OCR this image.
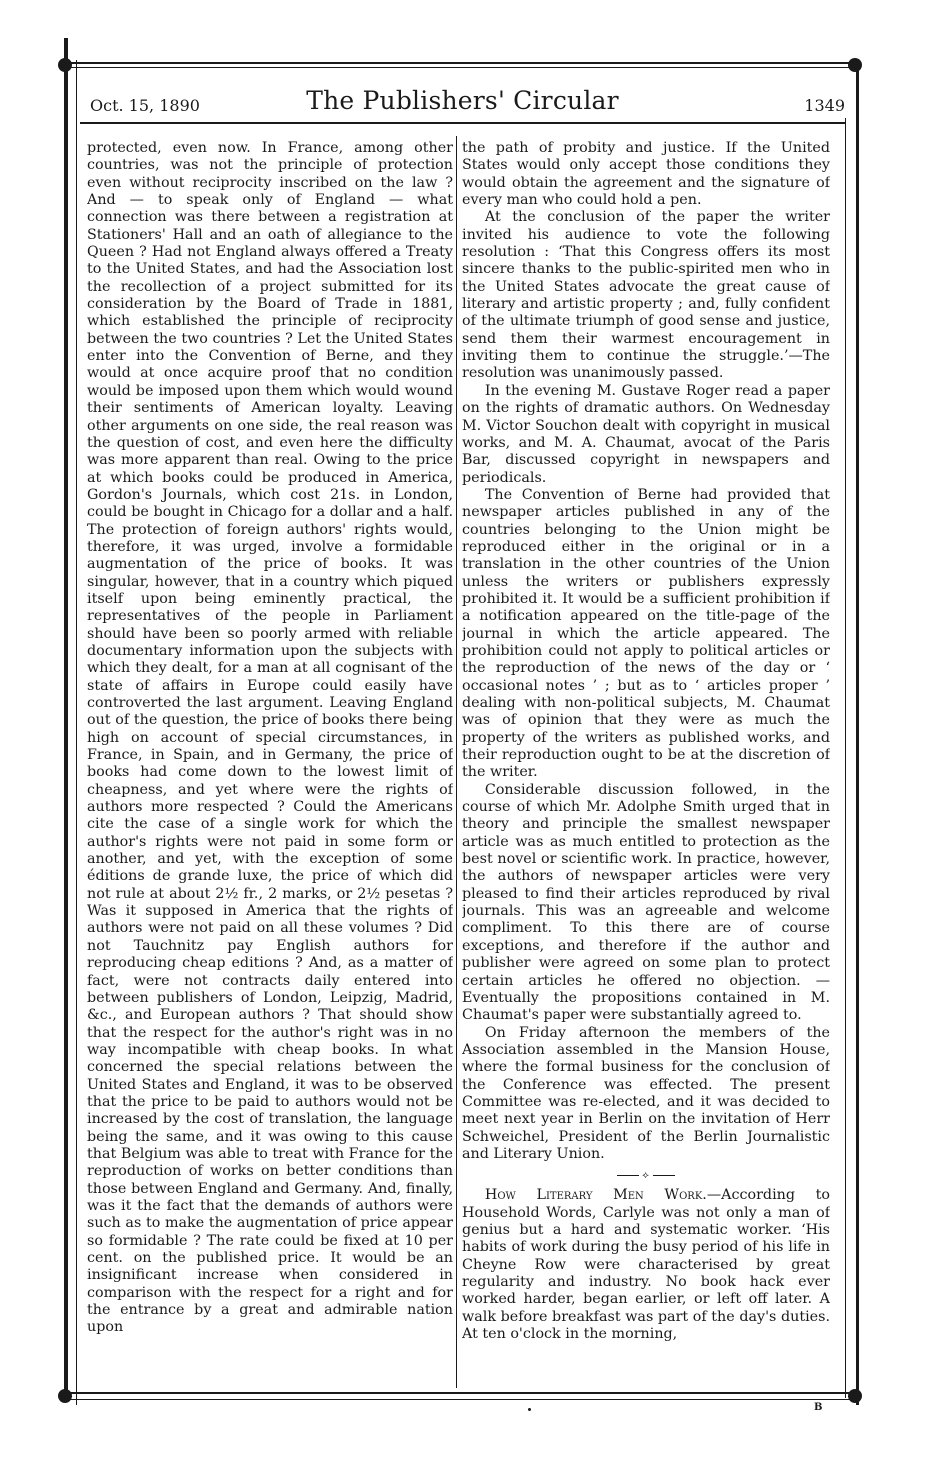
Oct. 15, 1890	The Publishers' Circular	1349

protected, even now. In France, among other countries, was not the principle of protection even without reciprocity inscribed on the law ? And — to speak only of England — what connection was there between a registration at Stationers' Hall and an oath of allegiance to the Queen ? Had not England always offered a Treaty to the United States, and had the Association lost the recollection of a project submitted for its consideration by the Board of Trade in 1881, which established the principle of reciprocity between the two countries ? Let the United States enter into the Convention of Berne, and they would at once acquire proof that no condition would be imposed upon them which would wound their sentiments of American loyalty. Leaving other arguments on one side, the real reason was the question of cost, and even here the difficulty was more apparent than real. Owing to the price at which books could be produced in America, Gordon's Journals, which cost 21s. in London, could be bought in Chicago for a dollar and a half. The protection of foreign authors' rights would, therefore, it was urged, involve a formidable augmentation of the price of books. It was singular, however, that in a country which piqued itself upon being eminently practical, the representatives of the people in Parliament should have been so poorly armed with reliable documentary information upon the subjects with which they dealt, for a man at all cognisant of the state of affairs in Europe could easily have controverted the last argument. Leaving England out of the question, the price of books there being high on account of special circumstances, in France, in Spain, and in Germany, the price of books had come down to the lowest limit of cheapness, and yet where were the rights of authors more respected ? Could the Americans cite the case of a single work for which the author's rights were not paid in some form or another, and yet, with the exception of some éditions de grande luxe, the price of which did not rule at about 2½ fr., 2 marks, or 2½ pesetas ? Was it supposed in America that the rights of authors were not paid on all these volumes ? Did not Tauchnitz pay English authors for reproducing cheap editions ? And, as a matter of fact, were not contracts daily entered into between publishers of London, Leipzig, Madrid, &c., and European authors ? That should show that the respect for the author's right was in no way incompatible with cheap books. In what concerned the special relations between the United States and England, it was to be observed that the price to be paid to authors would not be increased by the cost of translation, the language being the same, and it was owing to this cause that Belgium was able to treat with France for the reproduction of works on better conditions than those between England and Germany. And, finally, was it the fact that the demands of authors were such as to make the augmentation of price appear so formidable ? The rate could be fixed at 10 per cent. on the published price. It would be an insignificant increase when considered in comparison with the respect for a right and for the entrance by a great and admirable nation upon

the path of probity and justice. If the United States would only accept those conditions they would obtain the agreement and the signature of every man who could hold a pen.

At the conclusion of the paper the writer invited his audience to vote the following resolution : ‘That this Congress offers its most sincere thanks to the public-spirited men who in the United States advocate the great cause of literary and artistic property ; and, fully confident of the ultimate triumph of good sense and justice, send them their warmest encouragement in inviting them to continue the struggle.’—The resolution was unanimously passed.

In the evening M. Gustave Roger read a paper on the rights of dramatic authors. On Wednesday M. Victor Souchon dealt with copyright in musical works, and M. A. Chaumat, avocat of the Paris Bar, discussed copyright in newspapers and periodicals.

The Convention of Berne had provided that newspaper articles published in any of the countries belonging to the Union might be reproduced either in the original or in a translation in the other countries of the Union unless the writers or publishers expressly prohibited it. It would be a sufficient prohibition if a notification appeared on the title-page of the journal in which the article appeared. The prohibition could not apply to political articles or the reproduction of the news of the day or ‘ occasional notes ’ ; but as to ‘ articles proper ’ dealing with non-political subjects, M. Chaumat was of opinion that they were as much the property of the writers as published works, and their reproduction ought to be at the discretion of the writer.

Considerable discussion followed, in the course of which Mr. Adolphe Smith urged that in theory and principle the smallest newspaper article was as much entitled to protection as the best novel or scientific work. In practice, however, the authors of newspaper articles were very pleased to find their articles reproduced by rival journals. This was an agreeable and welcome compliment. To this there are of course exceptions, and therefore if the author and publisher were agreed on some plan to protect certain articles he offered no objection. —Eventually the propositions contained in M. Chaumat's paper were substantially agreed to.

On Friday afternoon the members of the Association assembled in the Mansion House, where the formal business for the conclusion of the Conference was effected. The present Committee was re-elected, and it was decided to meet next year in Berlin on the invitation of Herr Schweichel, President of the Berlin Journalistic and Literary Union.

⟡

How Literary Men Work.—According to Household Words, Carlyle was not only a man of genius but a hard and systematic worker. ‘His habits of work during the busy period of his life in Cheyne Row were characterised by great regularity and industry. No book hack ever worked harder, began earlier, or left off later. A walk before breakfast was part of the day's duties. At ten o'clock in the morning,

B
